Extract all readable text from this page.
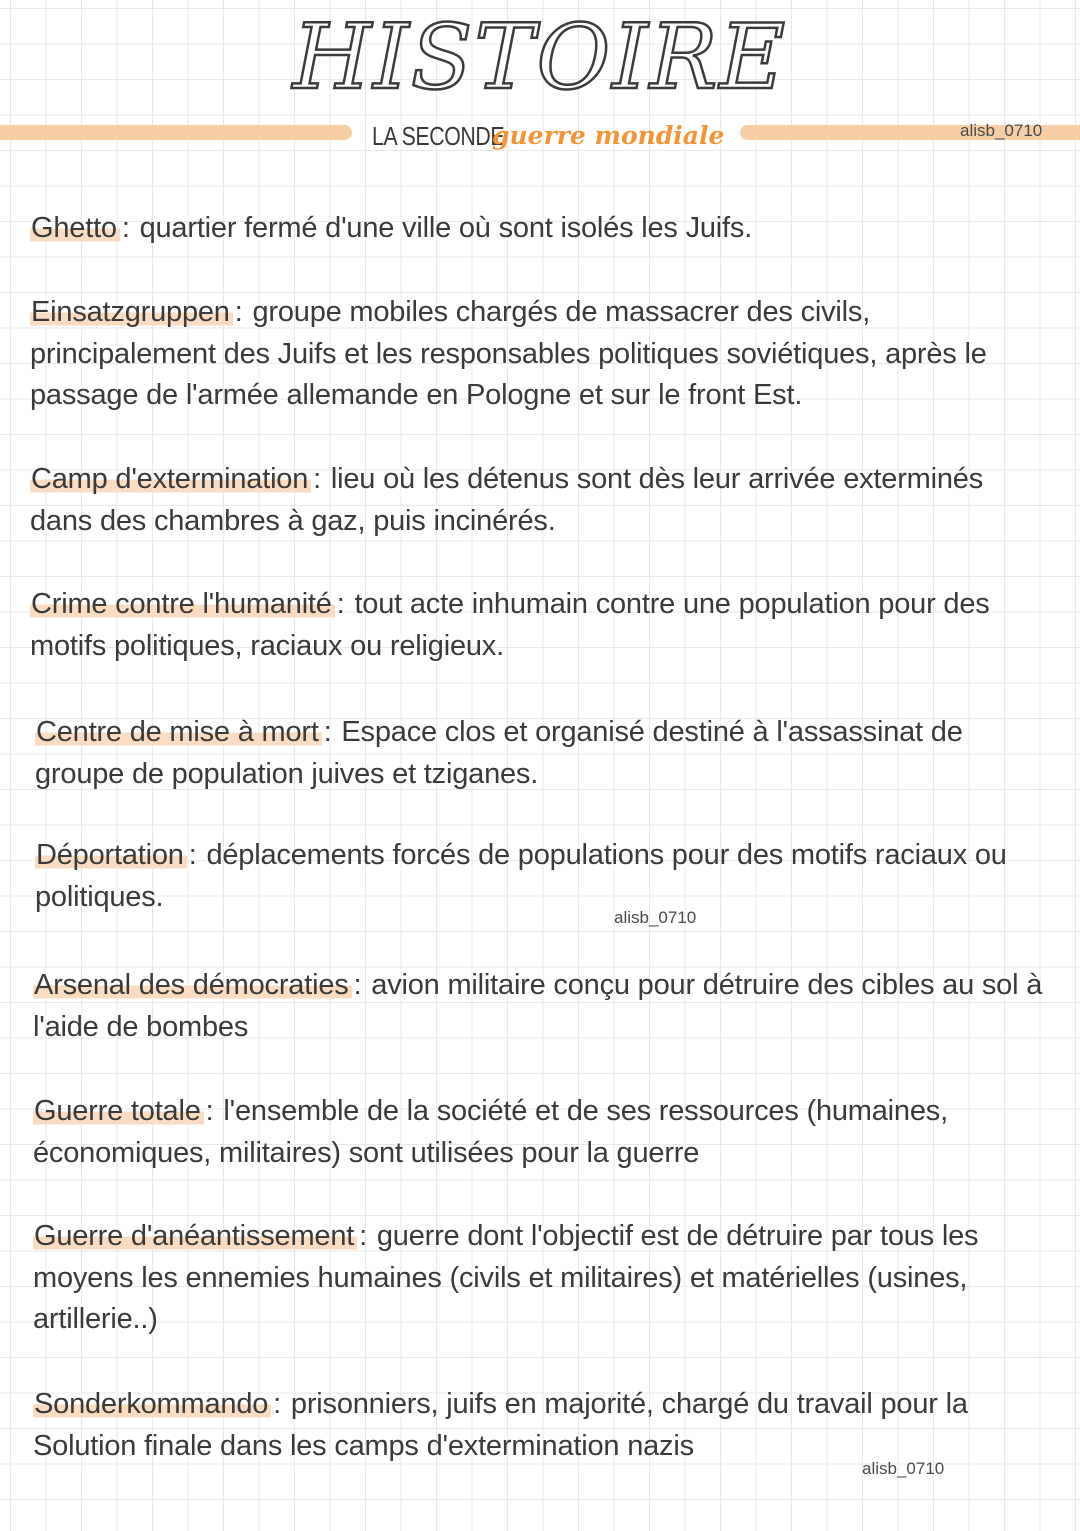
HISTOIRE
LA SECONDE
guerre mondiale	alisb_0710
Ghetto : quartier fermé d'une ville où sont isolés les Juifs.
Einsatzgruppen : groupe mobiles chargés de massacrer des civils, principalement des Juifs et les responsables politiques soviétiques, après le passage de l'armée allemande en Pologne et sur le front Est.
Camp d'extermination : lieu où les détenus sont dès leur arrivée exterminés dans des chambres à gaz, puis incinérés.
Crime contre l'humanité : tout acte inhumain contre une population pour des motifs politiques, raciaux ou religieux.
Centre de mise à mort : Espace clos et organisé destiné à l'assassinat de groupe de population juives et tziganes.
Déportation : déplacements forcés de populations pour des motifs raciaux ou politiques.
alisb_0710
Arsenal des démocraties : avion militaire conçu pour détruire des cibles au sol à l'aide de bombes
Guerre totale : l'ensemble de la société et de ses ressources (humaines, économiques, militaires) sont utilisées pour la guerre
Guerre d'anéantissement : guerre dont l'objectif est de détruire par tous les moyens les ennemies humaines (civils et militaires) et matérielles (usines, artillerie..)
Sonderkommando : prisonniers, juifs en majorité, chargé du travail pour la Solution finale dans les camps d'extermination nazis
alisb_0710
